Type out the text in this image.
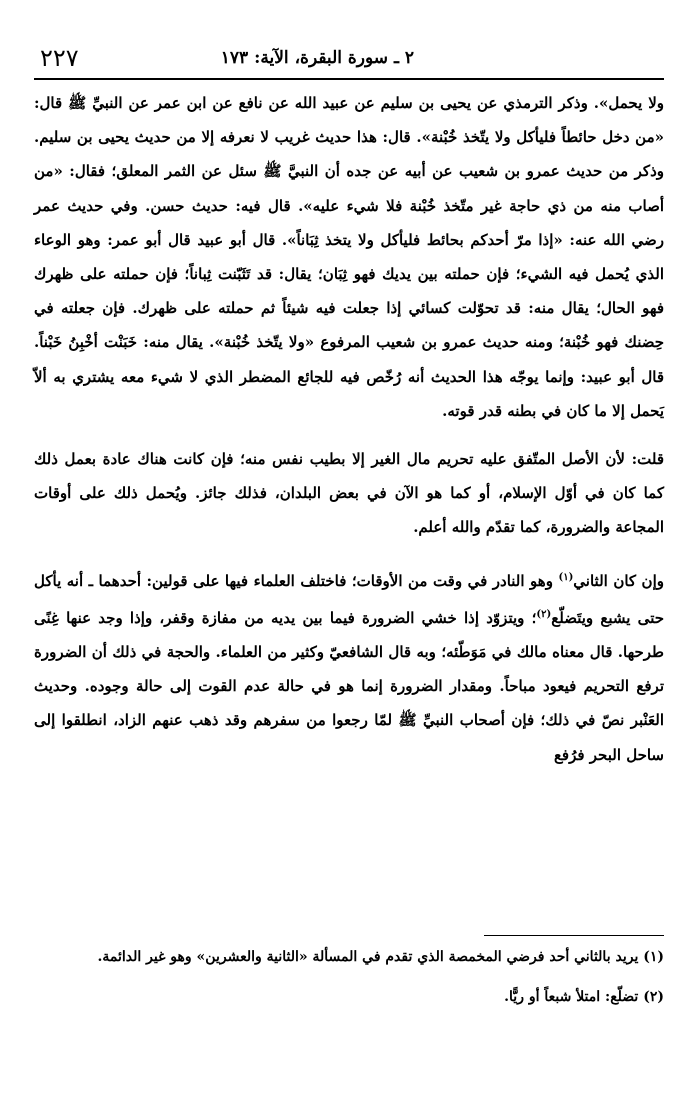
٢٢٧	٢ ـ سورة البقرة، الآية: ١٧٣

ولا يحمل». وذكر الترمذي عن يحيى بن سليم عن عبيد الله عن نافع عن ابن عمر عن النبيِّ ﷺ قال: «من دخل حائطاً فليأكل ولا يتّخذ خُبْنة». قال: هذا حديث غريب لا نعرفه إلا من حديث يحيى بن سليم. وذكر من حديث عمرو بن شعيب عن أبيه عن جده أن النبيَّ ﷺ سئل عن الثمر المعلق؛ فقال: «من أصاب منه من ذي حاجة غير متّخذ خُبْنة فلا شيء عليه». قال فيه: حديث حسن. وفي حديث عمر رضي الله عنه: «إذا مرّ أحدكم بحائط فليأكل ولا يتخذ ثِبَاناً». قال أبو عبيد قال أبو عمر: وهو الوعاء الذي يُحمل فيه الشيء؛ فإن حملته بين يديك فهو ثِبَان؛ يقال: قد تَثَبّنت ثِباناً؛ فإن حملته على ظهرك فهو الحال؛ يقال منه: قد تحوّلت كسائي إذا جعلت فيه شيئاً ثم حملته على ظهرك. فإن جعلته في حِضنك فهو خُبْنة؛ ومنه حديث عمرو بن شعيب المرفوع «ولا يتّخذ خُبْنة». يقال منه: خَبَنْت أخْبِنُ خَبْناً. قال أبو عبيد: وإنما يوجّه هذا الحديث أنه رُخّص فيه للجائع المضطر الذي لا شيء معه يشتري به ألاّ يَحمل إلا ما كان في بطنه قدر قوته.

قلت: لأن الأصل المتّفق عليه تحريم مال الغير إلا بطيب نفس منه؛ فإن كانت هناك عادة بعمل ذلك كما كان في أوّل الإسلام، أو كما هو الآن في بعض البلدان، فذلك جائز. ويُحمل ذلك على أوقات المجاعة والضرورة، كما تقدّم والله أعلم.

وإن كان الثاني$^{(١)}$ وهو النادر في وقت من الأوقات؛ فاختلف العلماء فيها على قولين: أحدهما ـ أنه يأكل حتى يشبع ويتَضلّع$^{(٢)}$؛ ويتزوّد إذا خشي الضرورة فيما بين يديه من مفازة وقفر، وإذا وجد عنها غِنًى طرحها. قال معناه مالك في مَوَطّئه؛ وبه قال الشافعيّ وكثير من العلماء. والحجة في ذلك أن الضرورة ترفع التحريم فيعود مباحاً. ومقدار الضرورة إنما هو في حالة عدم القوت إلى حالة وجوده. وحديث العَنْبر نصّ في ذلك؛ فإن أصحاب النبيِّ ﷺ لمّا رجعوا من سفرهم وقد ذهب عنهم الزاد، انطلقوا إلى ساحل البحر فرُفع

(١) يريد بالثاني أحد فرضي المخمصة الذي تقدم في المسألة «الثانية والعشرين» وهو غير الدائمة.

(٢) تضلّع: امتلأ شبعاً أو ريًّا.
